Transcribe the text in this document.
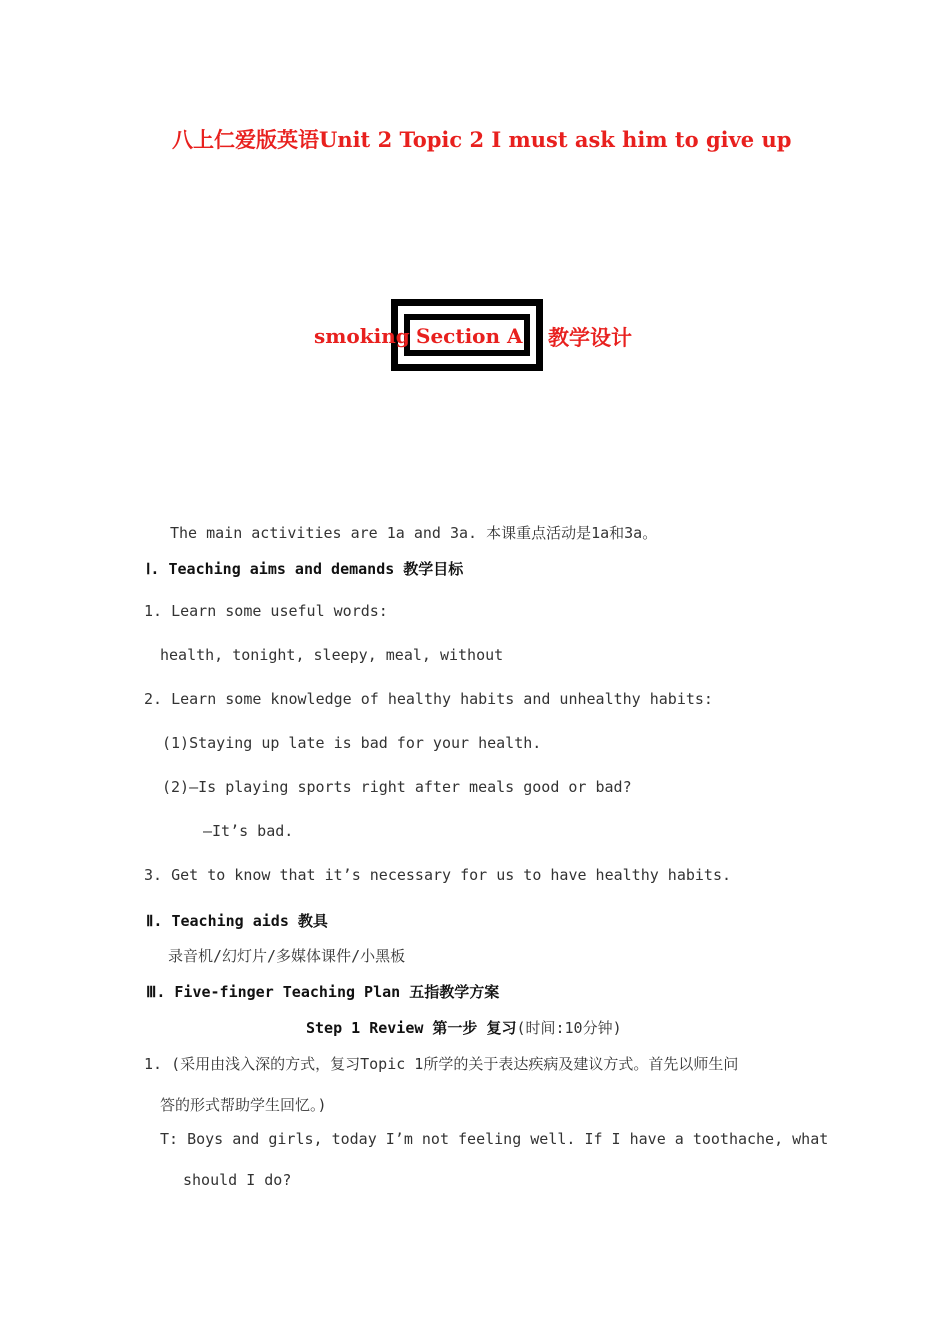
八上仁爱版英语Unit 2 Topic 2 I must ask him to give up
smoking Section A 教学设计
The main activities are 1a and 3a. 本课重点活动是1a和3a。
Ⅰ. Teaching aims and demands 教学目标
1. Learn some useful words:
health, tonight, sleepy, meal, without
2. Learn some knowledge of healthy habits and unhealthy habits:
(1)Staying up late is bad for your health.
(2)—Is playing sports right after meals good or bad?
—It’s bad.
3. Get to know that it’s necessary for us to have healthy habits.
Ⅱ. Teaching aids 教具
录音机/幻灯片/多媒体课件/小黑板
Ⅲ. Five-finger Teaching Plan 五指教学方案
Step 1 Review 第一步 复习(时间:10分钟)
1. (采用由浅入深的方式，复习Topic 1所学的关于表达疾病及建议方式。首先以师生问
答的形式帮助学生回忆。)
T: Boys and girls, today I’m not feeling well. If I have a toothache, what
should I do?
